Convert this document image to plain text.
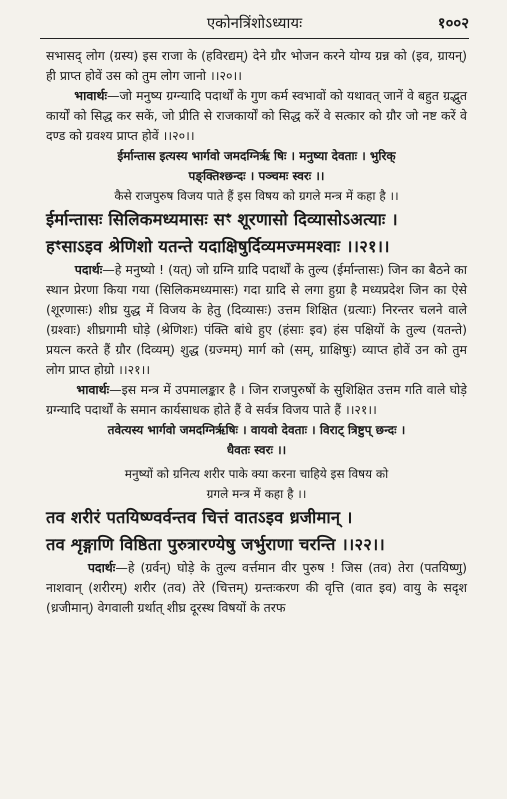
एकोनत्रिंशोऽध्यायः	१००२

सभासद् लोग (ग्रस्य) इस राजा के (हविरद्यम्) देने ग्रौर भोजन करने योग्य ग्रन्न को (इव, ग्रायन्) ही प्राप्त होवें उस को तुम लोग जानो ।।२०।।

भावार्थः—जो मनुष्य ग्रग्न्यादि पदार्थों के गुण कर्म स्वभावों को यथावत् जानें वे बहुत ग्रद्भुत कार्यों को सिद्ध कर सकें, जो प्रीति से राजकार्यों को सिद्ध करें वे सत्कार को ग्रौर जो नष्ट करें वे दण्ड को ग्रवश्य प्राप्त होवें ।।२०।।

ईर्मान्तास इत्यस्य भार्गवो जमदग्निर्ऋ षिः । मनुष्या देवताः । भुरिक्

पङ्क्तिश्छन्दः । पञ्चमः स्वरः ।।

कैसे राजपुरुष विजय पाते हैं इस विषय को ग्रगले मन्त्र में कहा है ।।

ईर्मान्तासः सिलिकमध्यमासः सꣳ शूरणासो दिव्यासोऽअत्याः ।

हꣳसाऽइव श्रेणिशो यतन्ते यदाक्षिषुर्दिव्यमज्ममश्वाः ।।२१।।

पदार्थः—हे मनुष्यो ! (यत्) जो ग्रग्नि ग्रादि पदार्थों के तुल्य (ईर्मान्तासः) जिन का बैठने का स्थान प्रेरणा किया गया (सिलिकमध्यमासः) गदा ग्रादि से लगा हुग्रा है मध्यप्रदेश जिन का ऐसे (शूरणासः) शीघ्र युद्ध में विजय के हेतु (दिव्यासः) उत्तम शिक्षित (ग्रत्याः) निरन्तर चलने वाले (ग्रश्वाः) शीघ्रगामी घोड़े (श्रेणिशः) पंक्ति बांधे हुए (हंसाः इव) हंस पक्षियों के तुल्य (यतन्ते) प्रयत्न करते हैं ग्रौर (दिव्यम्) शुद्ध (ग्रज्मम्) मार्ग को (सम्, ग्राक्षिषुः) व्याप्त होवें उन को तुम लोग प्राप्त होग्रो ।।२१।।

भावार्थः—इस मन्त्र में उपमालङ्कार है । जिन राजपुरुषों के सुशिक्षित उत्तम गति वाले घोड़े ग्रग्न्यादि पदार्थों के समान कार्यसाधक होते हैं वे सर्वत्र विजय पाते हैं ।।२१।।

तवेत्यस्य भार्गवो जमदग्निर्ऋषिः । वायवो देवताः । विराट् त्रिष्टुप् छन्दः ।

धैवतः स्वरः ।।

मनुष्यों को ग्रनित्य शरीर पाके क्या करना चाहिये इस विषय को

ग्रगले मन्त्र में कहा है ।।

तव शरीरं पतयिष्ण्वर्वन्तव चित्तं वातऽइव ध्रजीमान् ।

तव शृङ्गाणि विष्ठिता पुरुत्रारण्येषु जर्भुराणा चरन्ति ।।२२।।

पदार्थः—हे (ग्रर्वन्) घोड़े के तुल्य वर्त्तमान वीर पुरुष ! जिस (तव) तेरा (पतयिष्णु) नाशवान् (शरीरम्) शरीर (तव) तेरे (चित्तम्) ग्रन्तःकरण की वृत्ति (वात इव) वायु के सदृश (ध्रजीमान्) वेगवाली ग्रर्थात् शीघ्र दूरस्थ विषयों के तरफ
